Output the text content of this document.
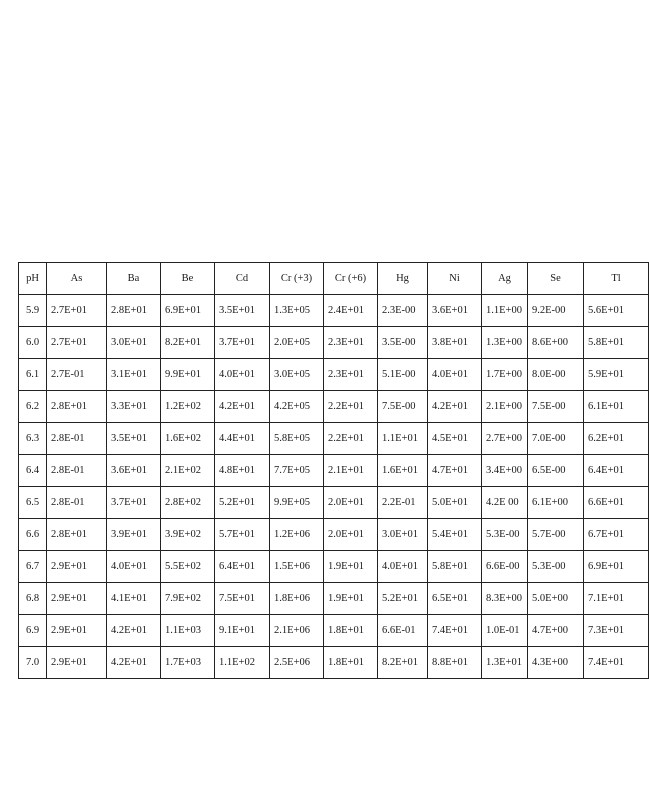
pH	As	Ba	Be	Cd	Cr (+3)	Cr (+6)	Hg	Ni	Ag	Se	Tl
5.9	2.7E+01	2.8E+01	6.9E+01	3.5E+01	1.3E+05	2.4E+01	2.3E-00	3.6E+01	1.1E+00	9.2E-00	5.6E+01
6.0	2.7E+01	3.0E+01	8.2E+01	3.7E+01	2.0E+05	2.3E+01	3.5E-00	3.8E+01	1.3E+00	8.6E+00	5.8E+01
6.1	2.7E-01	3.1E+01	9.9E+01	4.0E+01	3.0E+05	2.3E+01	5.1E-00	4.0E+01	1.7E+00	8.0E-00	5.9E+01
6.2	2.8E+01	3.3E+01	1.2E+02	4.2E+01	4.2E+05	2.2E+01	7.5E-00	4.2E+01	2.1E+00	7.5E-00	6.1E+01
6.3	2.8E-01	3.5E+01	1.6E+02	4.4E+01	5.8E+05	2.2E+01	1.1E+01	4.5E+01	2.7E+00	7.0E-00	6.2E+01
6.4	2.8E-01	3.6E+01	2.1E+02	4.8E+01	7.7E+05	2.1E+01	1.6E+01	4.7E+01	3.4E+00	6.5E-00	6.4E+01
6.5	2.8E-01	3.7E+01	2.8E+02	5.2E+01	9.9E+05	2.0E+01	2.2E-01	5.0E+01	4.2E 00	6.1E+00	6.6E+01
6.6	2.8E+01	3.9E+01	3.9E+02	5.7E+01	1.2E+06	2.0E+01	3.0E+01	5.4E+01	5.3E-00	5.7E-00	6.7E+01
6.7	2.9E+01	4.0E+01	5.5E+02	6.4E+01	1.5E+06	1.9E+01	4.0E+01	5.8E+01	6.6E-00	5.3E-00	6.9E+01
6.8	2.9E+01	4.1E+01	7.9E+02	7.5E+01	1.8E+06	1.9E+01	5.2E+01	6.5E+01	8.3E+00	5.0E+00	7.1E+01
6.9	2.9E+01	4.2E+01	1.1E+03	9.1E+01	2.1E+06	1.8E+01	6.6E-01	7.4E+01	1.0E-01	4.7E+00	7.3E+01
7.0	2.9E+01	4.2E+01	1.7E+03	1.1E+02	2.5E+06	1.8E+01	8.2E+01	8.8E+01	1.3E+01	4.3E+00	7.4E+01
